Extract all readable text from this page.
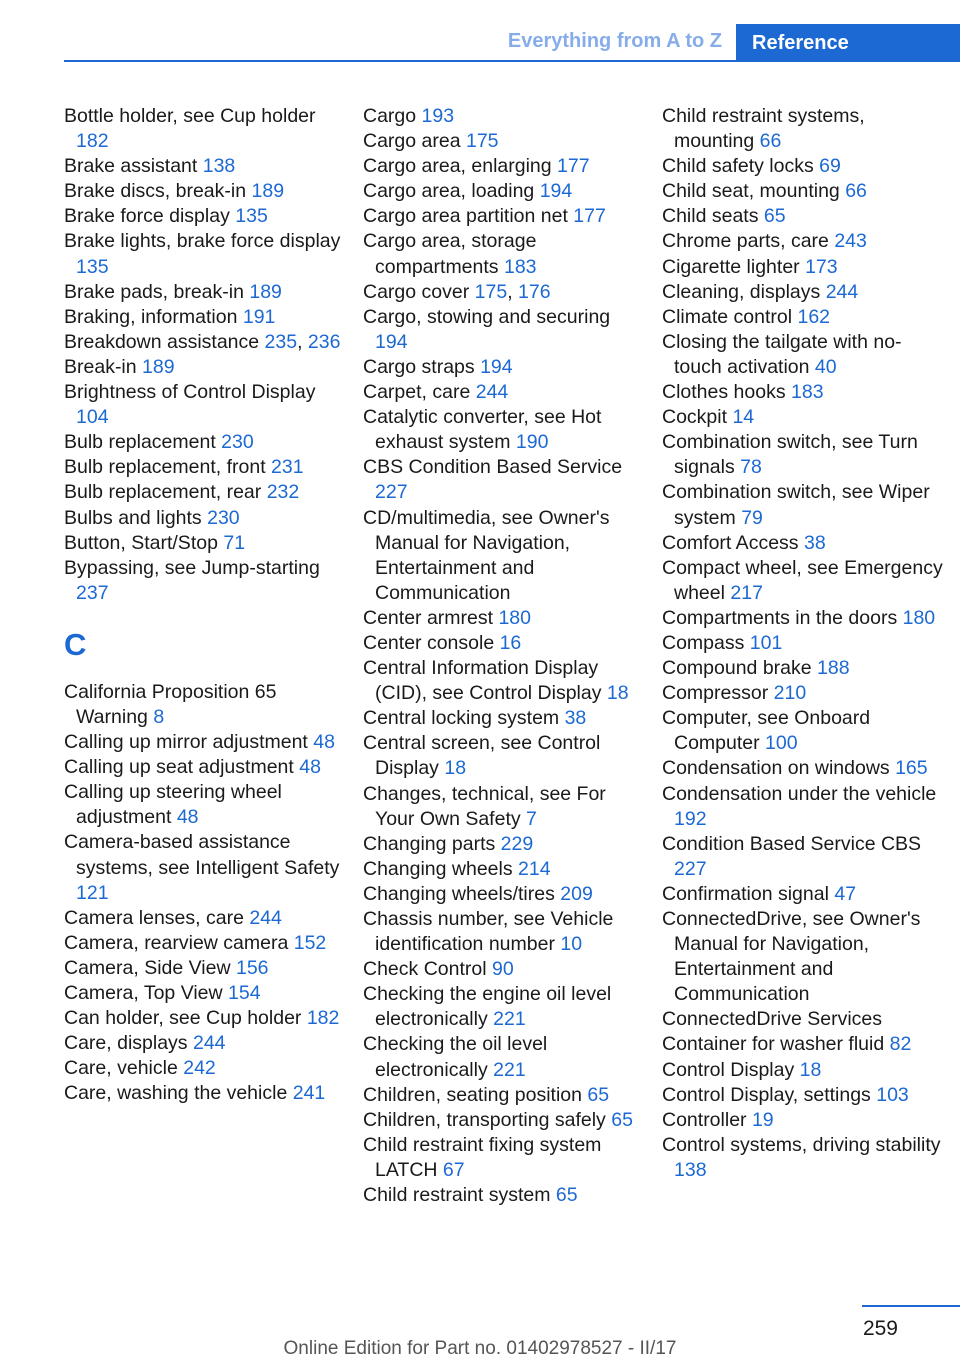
Everything from A to Z	Reference
Bottle holder, see Cup holder 182
Brake assistant 138
Brake discs, break-in 189
Brake force display 135
Brake lights, brake force display 135
Brake pads, break-in 189
Braking, information 191
Breakdown assistance 235, 236
Break-in 189
Brightness of Control Display 104
Bulb replacement 230
Bulb replacement, front 231
Bulb replacement, rear 232
Bulbs and lights 230
Button, Start/Stop 71
Bypassing, see Jump-starting 237
C
California Proposition 65 Warning 8
Calling up mirror adjustment 48
Calling up seat adjustment 48
Calling up steering wheel adjustment 48
Camera-based assistance systems, see Intelligent Safety 121
Camera lenses, care 244
Camera, rearview camera 152
Camera, Side View 156
Camera, Top View 154
Can holder, see Cup holder 182
Care, displays 244
Care, vehicle 242
Care, washing the vehicle 241
Cargo 193
Cargo area 175
Cargo area, enlarging 177
Cargo area, loading 194
Cargo area partition net 177
Cargo area, storage compartments 183
Cargo cover 175, 176
Cargo, stowing and securing 194
Cargo straps 194
Carpet, care 244
Catalytic converter, see Hot exhaust system 190
CBS Condition Based Service 227
CD/multimedia, see Owner's Manual for Navigation, Entertainment and Communication
Center armrest 180
Center console 16
Central Information Display (CID), see Control Display 18
Central locking system 38
Central screen, see Control Display 18
Changes, technical, see For Your Own Safety 7
Changing parts 229
Changing wheels 214
Changing wheels/tires 209
Chassis number, see Vehicle identification number 10
Check Control 90
Checking the engine oil level electronically 221
Checking the oil level electronically 221
Children, seating position 65
Children, transporting safely 65
Child restraint fixing system LATCH 67
Child restraint system 65
Child restraint systems, mounting 66
Child safety locks 69
Child seat, mounting 66
Child seats 65
Chrome parts, care 243
Cigarette lighter 173
Cleaning, displays 244
Climate control 162
Closing the tailgate with no-touch activation 40
Clothes hooks 183
Cockpit 14
Combination switch, see Turn signals 78
Combination switch, see Wiper system 79
Comfort Access 38
Compact wheel, see Emergency wheel 217
Compartments in the doors 180
Compass 101
Compound brake 188
Compressor 210
Computer, see Onboard Computer 100
Condensation on windows 165
Condensation under the vehicle 192
Condition Based Service CBS 227
Confirmation signal 47
ConnectedDrive, see Owner's Manual for Navigation, Entertainment and Communication
ConnectedDrive Services
Container for washer fluid 82
Control Display 18
Control Display, settings 103
Controller 19
Control systems, driving stability 138
259
Online Edition for Part no. 01402978527 - II/17
